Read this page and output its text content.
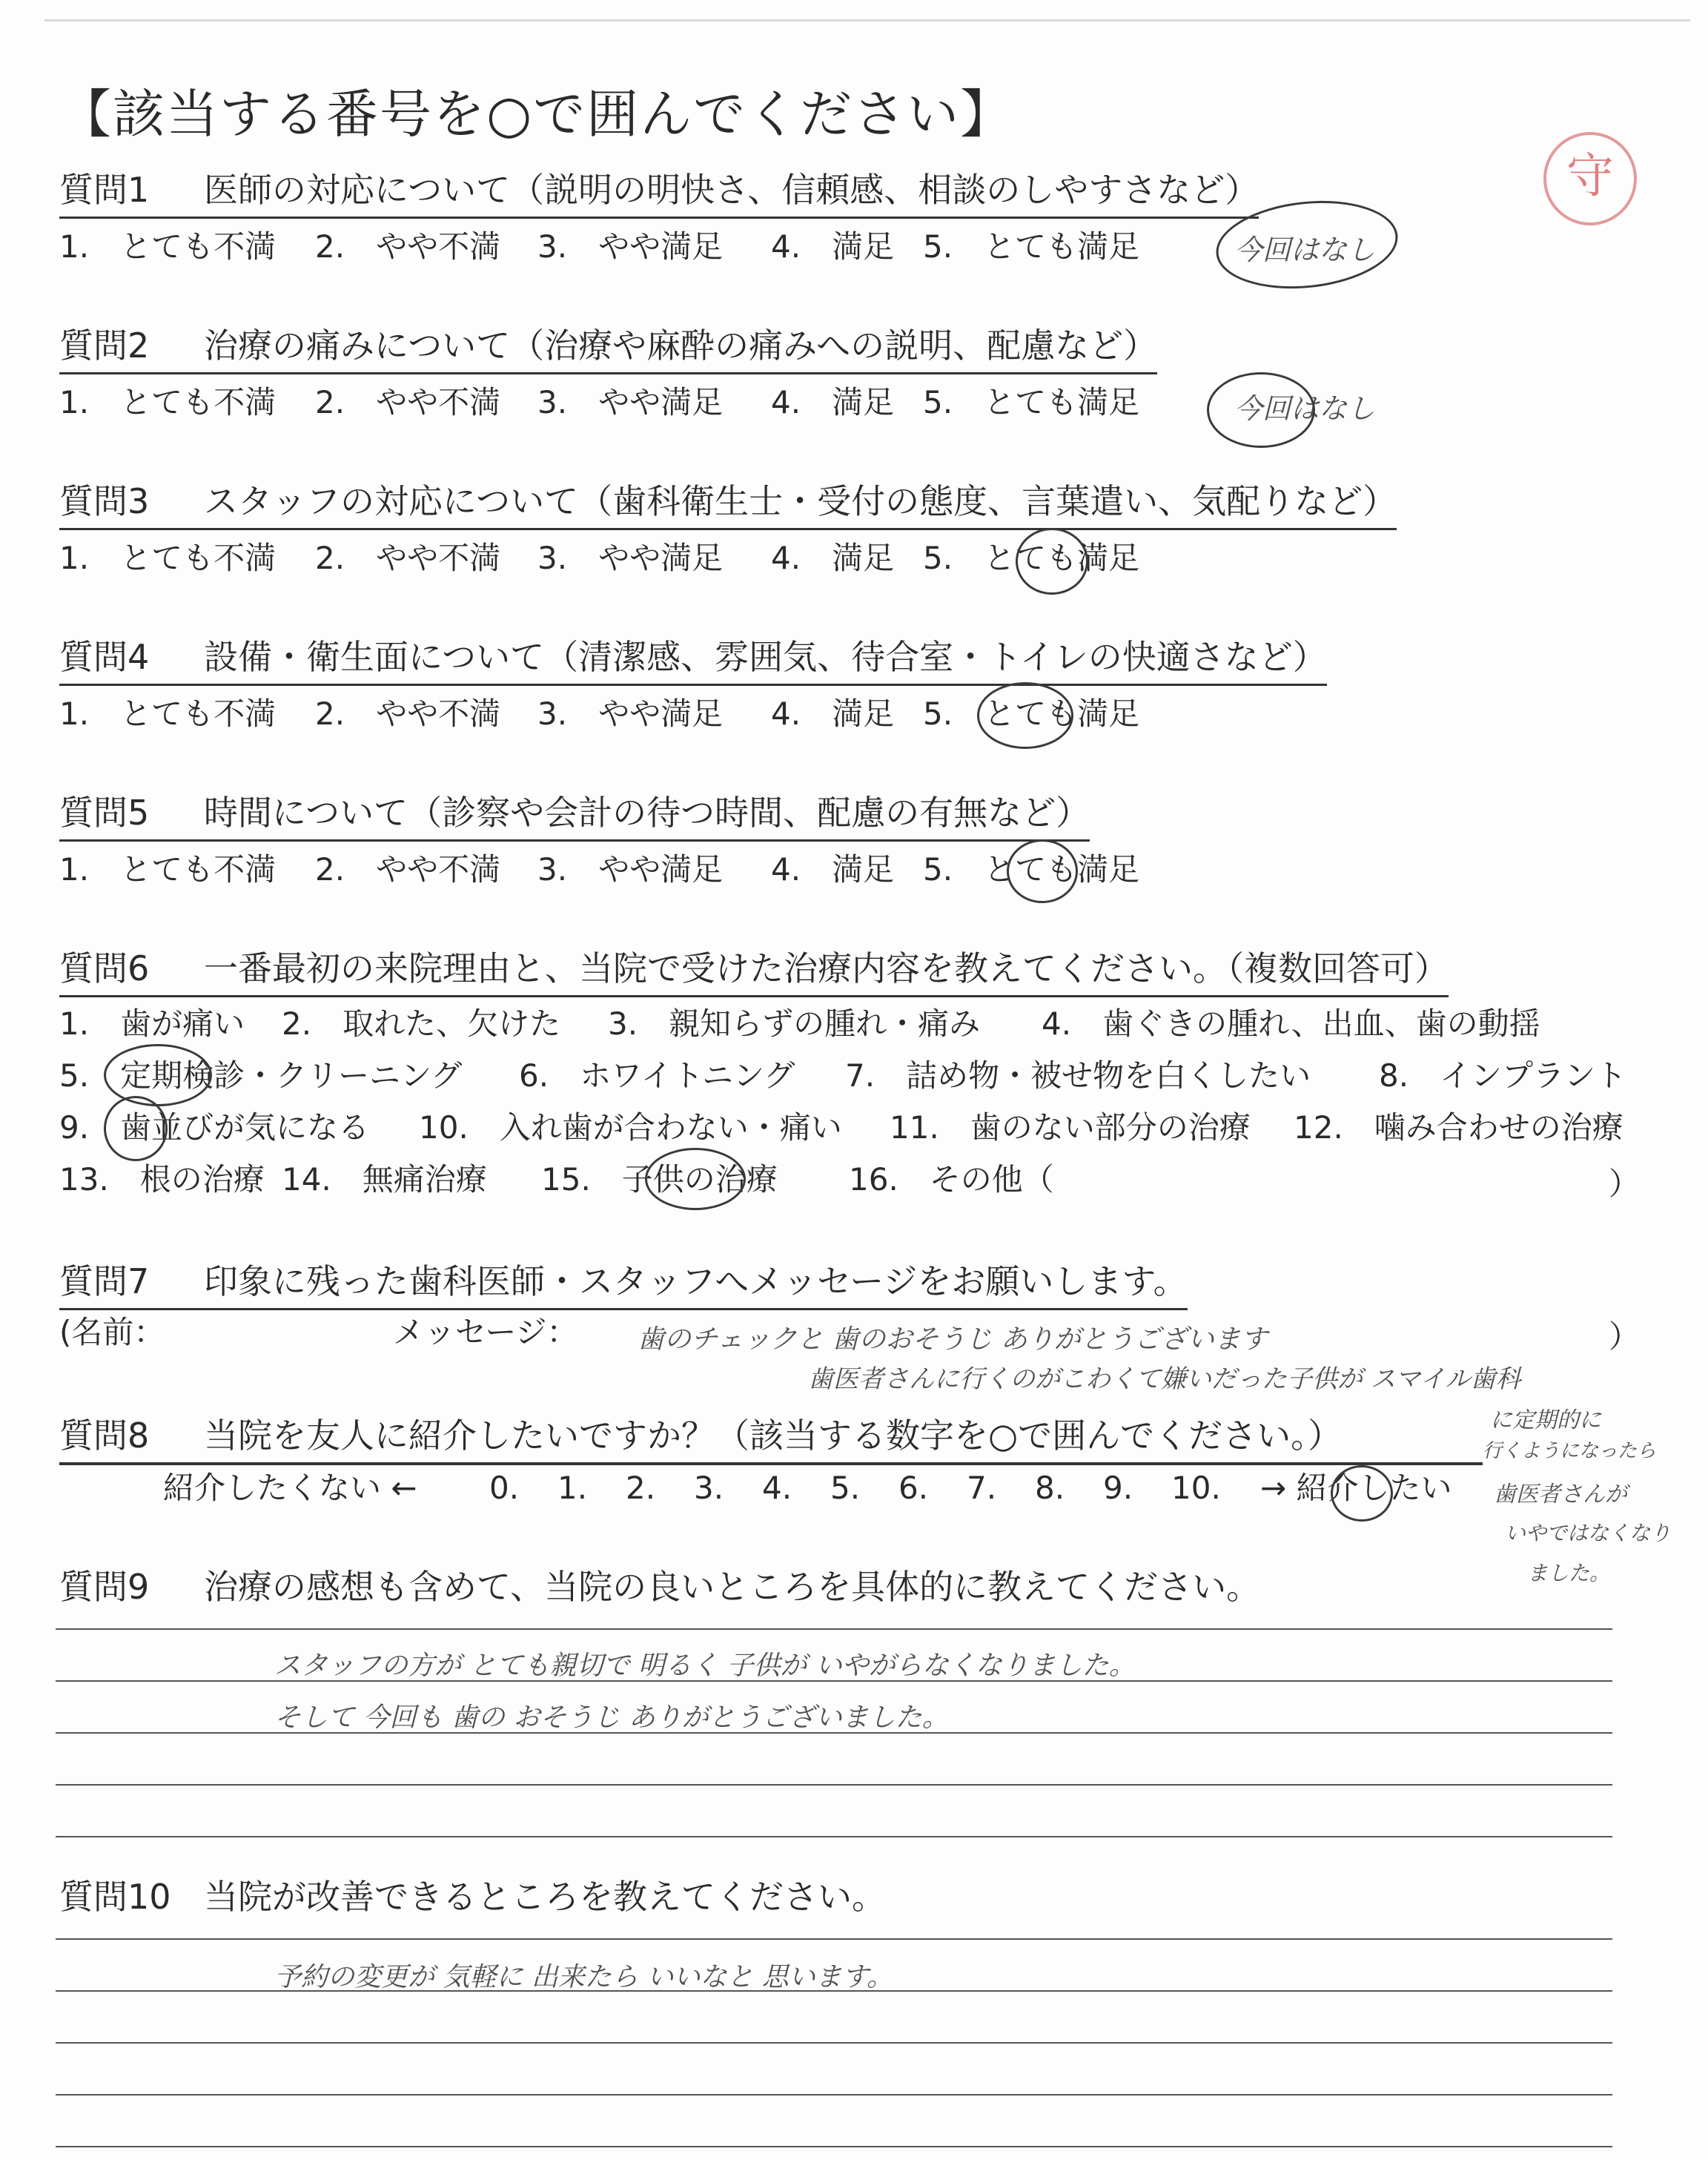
【該当する番号を○で囲んでください】
守
質問1 医師の対応について（説明の明快さ、信頼感、相談のしやすさなど）
1.　とても不満 2.　やや不満 3.　やや満足 4.　満足 5.　とても満足	今回はなし
質問2 治療の痛みについて（治療や麻酔の痛みへの説明、配慮など）
1.　とても不満 2.　やや不満 3.　やや満足 4.　満足 5.　とても満足	今回はなし
質問3 スタッフの対応について（歯科衛生士・受付の態度、言葉遣い、気配りなど）
1.　とても不満 2.　やや不満 3.　やや満足 4.　満足 5.　とても満足
質問4 設備・衛生面について（清潔感、雰囲気、待合室・トイレの快適さなど）
1.　とても不満 2.　やや不満 3.　やや満足 4.　満足 5.　とても満足
質問5 時間について（診察や会計の待つ時間、配慮の有無など）
1.　とても不満 2.　やや不満 3.　やや満足 4.　満足 5.　とても満足
質問6 一番最初の来院理由と、当院で受けた治療内容を教えてください。（複数回答可）
1.　歯が痛い 2.　取れた、欠けた 3.　親知らずの腫れ・痛み 4.　歯ぐきの腫れ、出血、歯の動揺
5.　定期検診・クリーニング 6.　ホワイトニング 7.　詰め物・被せ物を白くしたい 8.　インプラント
9.　歯並びが気になる 10.　入れ歯が合わない・痛い 11.　歯のない部分の治療 12.　噛み合わせの治療
13.　根の治療 14.　無痛治療 15.　子供の治療 16.　その他（	）
質問7 印象に残った歯科医師・スタッフへメッセージをお願いします。
(名前：	メッセージ：	）
歯のチェックと 歯のおそうじ ありがとうございます
歯医者さんに行くのがこわくて嫌いだった子供が スマイル歯科
に定期的に
行くようになったら
歯医者さんが
いやではなくなり
ました。
質問8 当院を友人に紹介したいですか？（該当する数字を○で囲んでください。）
紹介したくない ← 0. 1. 2. 3. 4. 5. 6. 7. 8. 9. 10. → 紹介したい
質問9 治療の感想も含めて、当院の良いところを具体的に教えてください。
スタッフの方が とても親切で 明るく 子供が いやがらなくなりました。
そして 今回も 歯の おそうじ ありがとうございました。
質問10 当院が改善できるところを教えてください。
予約の変更が 気軽に 出来たら いいなと 思います。
